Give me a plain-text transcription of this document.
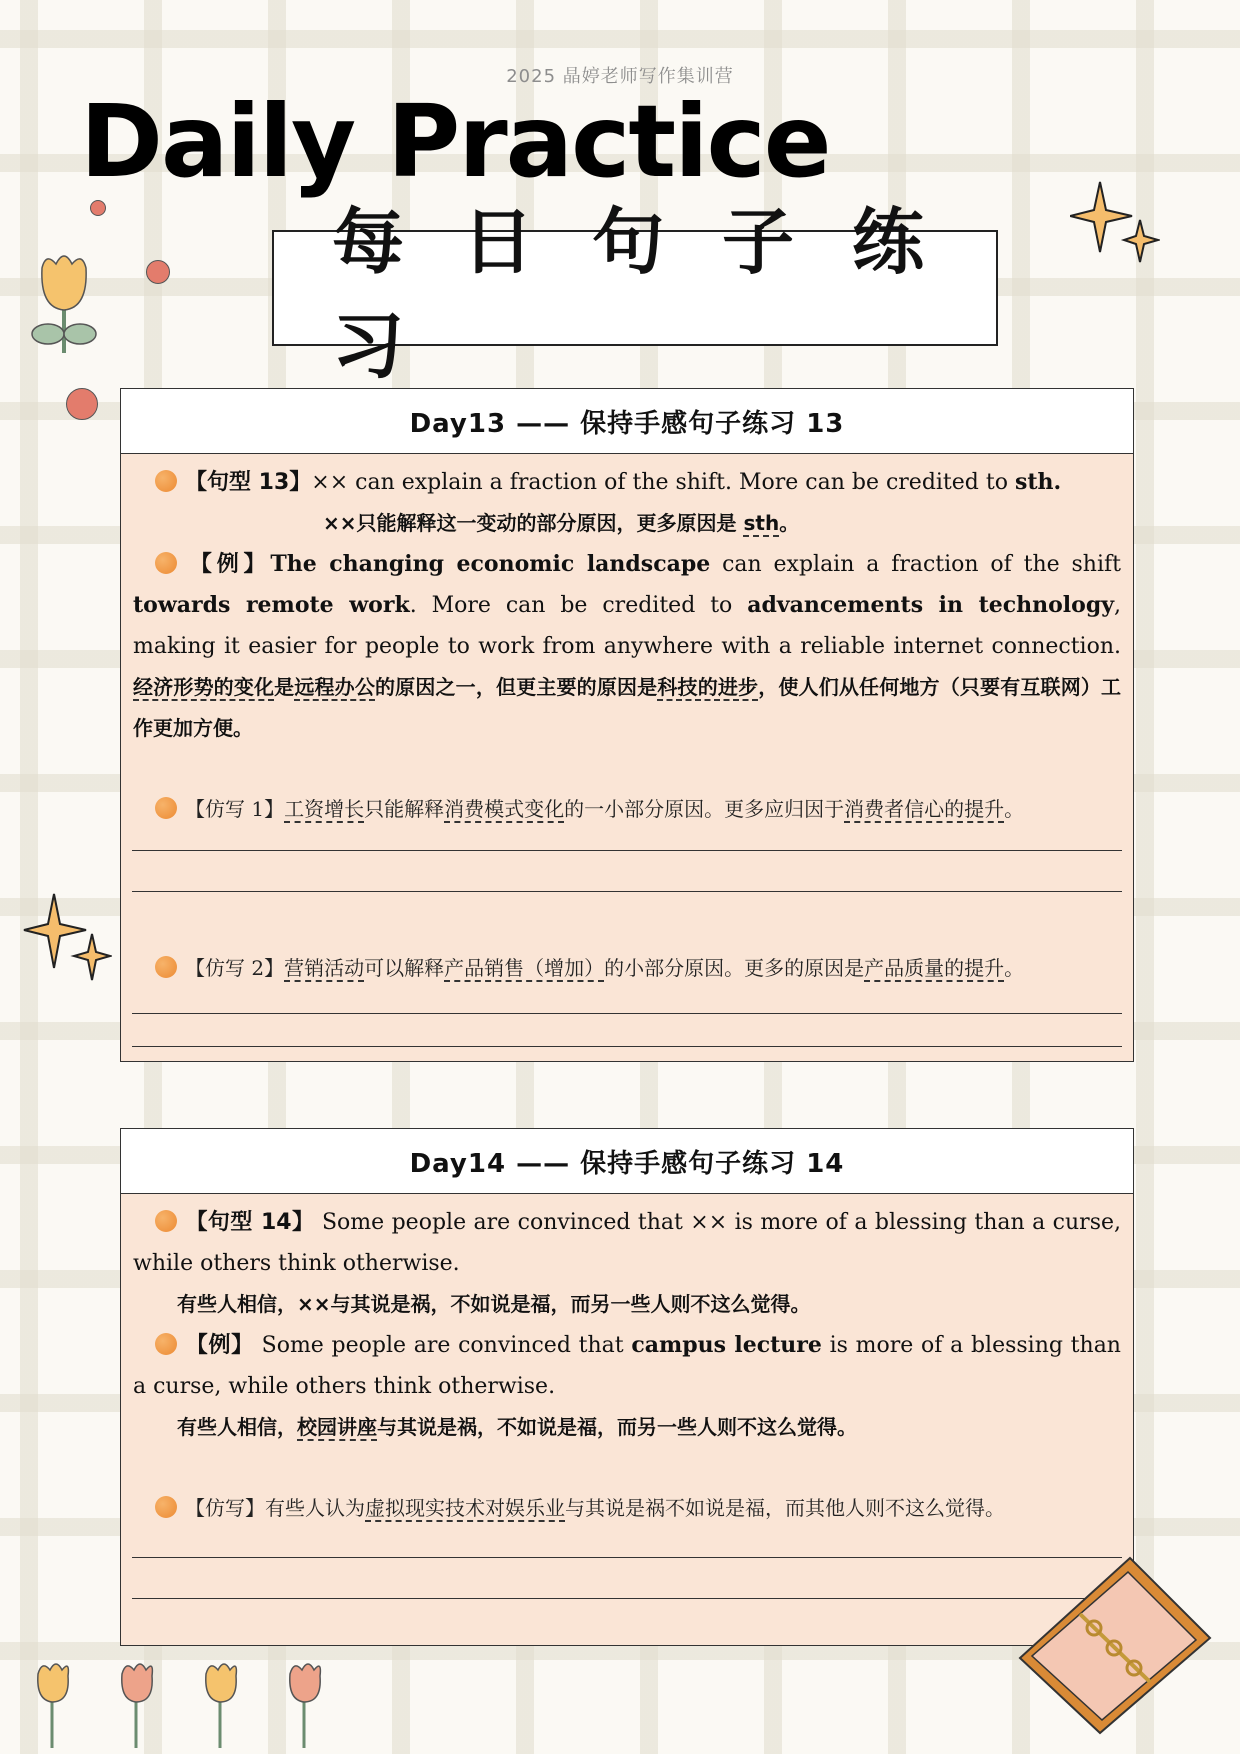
2025 晶婷老师写作集训营
Daily Practice
每日句子练习
Day13 —— 保持手感句子练习 13
【句型 13】×× can explain a fraction of the shift. More can be credited to sth.
××只能解释这一变动的部分原因，更多原因是 sth。
【例】The changing economic landscape can explain a fraction of the shift towards remote work. More can be credited to advancements in technology, making it easier for people to work from anywhere with a reliable internet connection. 经济形势的变化是远程办公的原因之一，但更主要的原因是科技的进步，使人们从任何地方（只要有互联网）工作更加方便。
【仿写 1】工资增长只能解释消费模式变化的一小部分原因。更多应归因于消费者信心的提升。
【仿写 2】营销活动可以解释产品销售（增加）的小部分原因。更多的原因是产品质量的提升。
Day14 —— 保持手感句子练习 14
【句型 14】 Some people are convinced that ×× is more of a blessing than a curse, while others think otherwise.
有些人相信，××与其说是祸，不如说是福，而另一些人则不这么觉得。
【例】 Some people are convinced that campus lecture is more of a blessing than a curse, while others think otherwise.
有些人相信，校园讲座与其说是祸，不如说是福，而另一些人则不这么觉得。
【仿写】有些人认为虚拟现实技术对娱乐业与其说是祸不如说是福，而其他人则不这么觉得。
